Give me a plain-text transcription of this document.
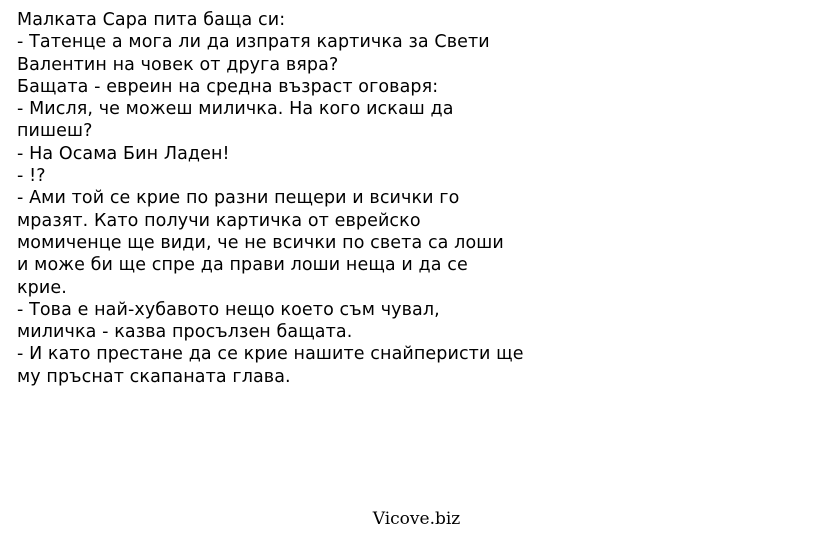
Малката Сара пита баща си:
- Татенце а мога ли да изпратя картичка за Свети
Валентин на човек от друга вяра?
Бащата - евреин на средна възраст оговаря:
- Мисля, че можеш миличка. На кого искаш да
пишеш?
- На Осама Бин Ладен!
- !?
- Ами той се крие по разни пещери и всички го
мразят. Като получи картичка от еврейско
момиченце ще види, че не всички по света са лоши
и може би ще спре да прави лоши неща и да се
крие.
- Това е най-хубавото нещо което съм чувал,
миличка - казва просълзен бащата.
- И като престане да се крие нашите снайперисти ще
му пръснат скапаната глава.
Vicove.biz
